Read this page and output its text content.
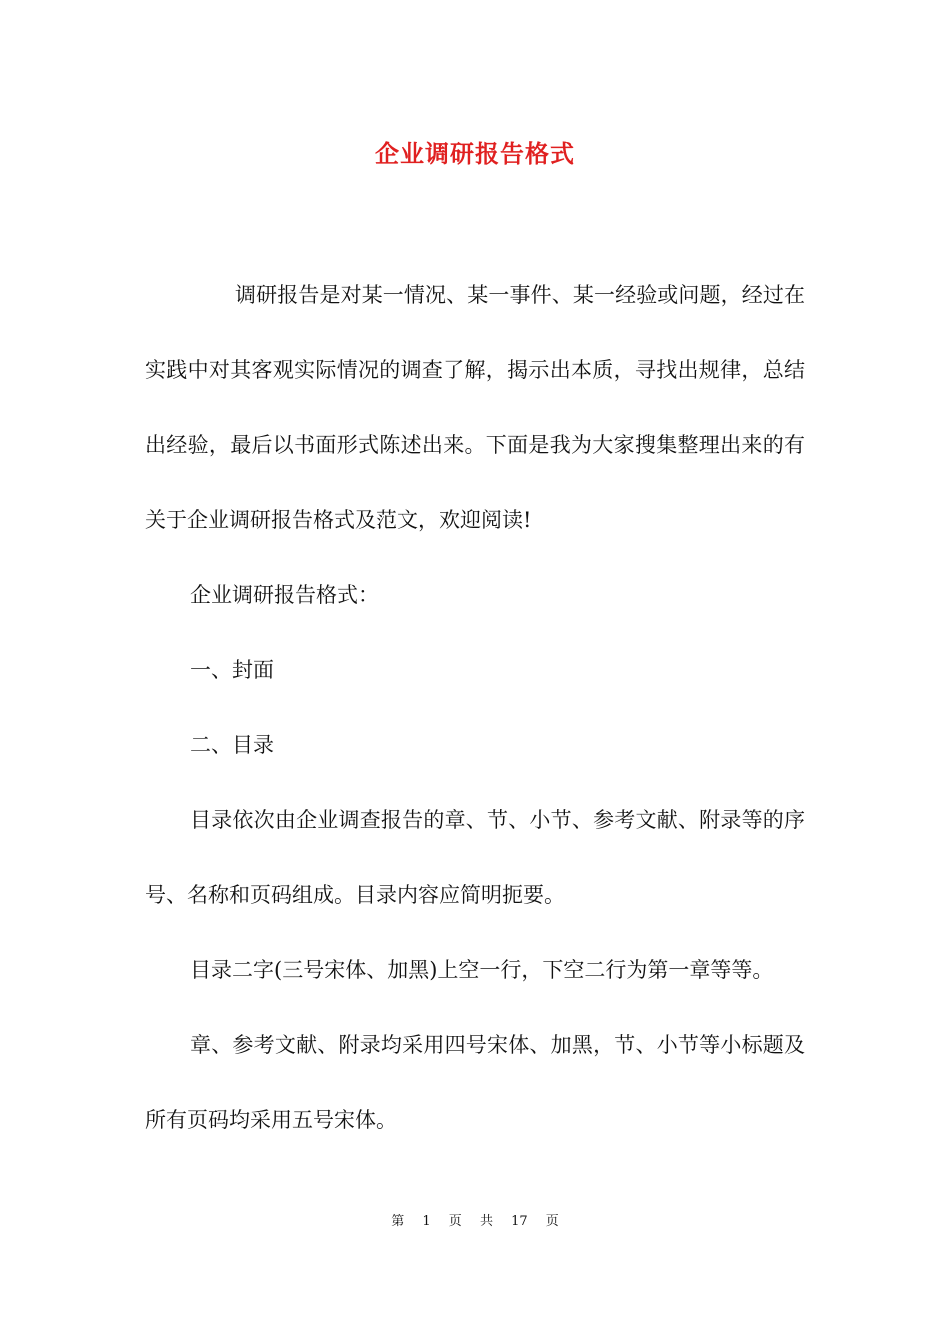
企业调研报告格式

调研报告是对某一情况、某一事件、某一经验或问题，经过在实践中对其客观实际情况的调查了解，揭示出本质，寻找出规律，总结出经验，最后以书面形式陈述出来。下面是我为大家搜集整理出来的有关于企业调研报告格式及范文，欢迎阅读!

企业调研报告格式：

一、封面

二、目录

目录依次由企业调查报告的章、节、小节、参考文献、附录等的序号、名称和页码组成。目录内容应简明扼要。

目录二字(三号宋体、加黑)上空一行，下空二行为第一章等等。

章、参考文献、附录均采用四号宋体、加黑，节、小节等小标题及所有页码均采用五号宋体。

第 1 页 共 17 页
